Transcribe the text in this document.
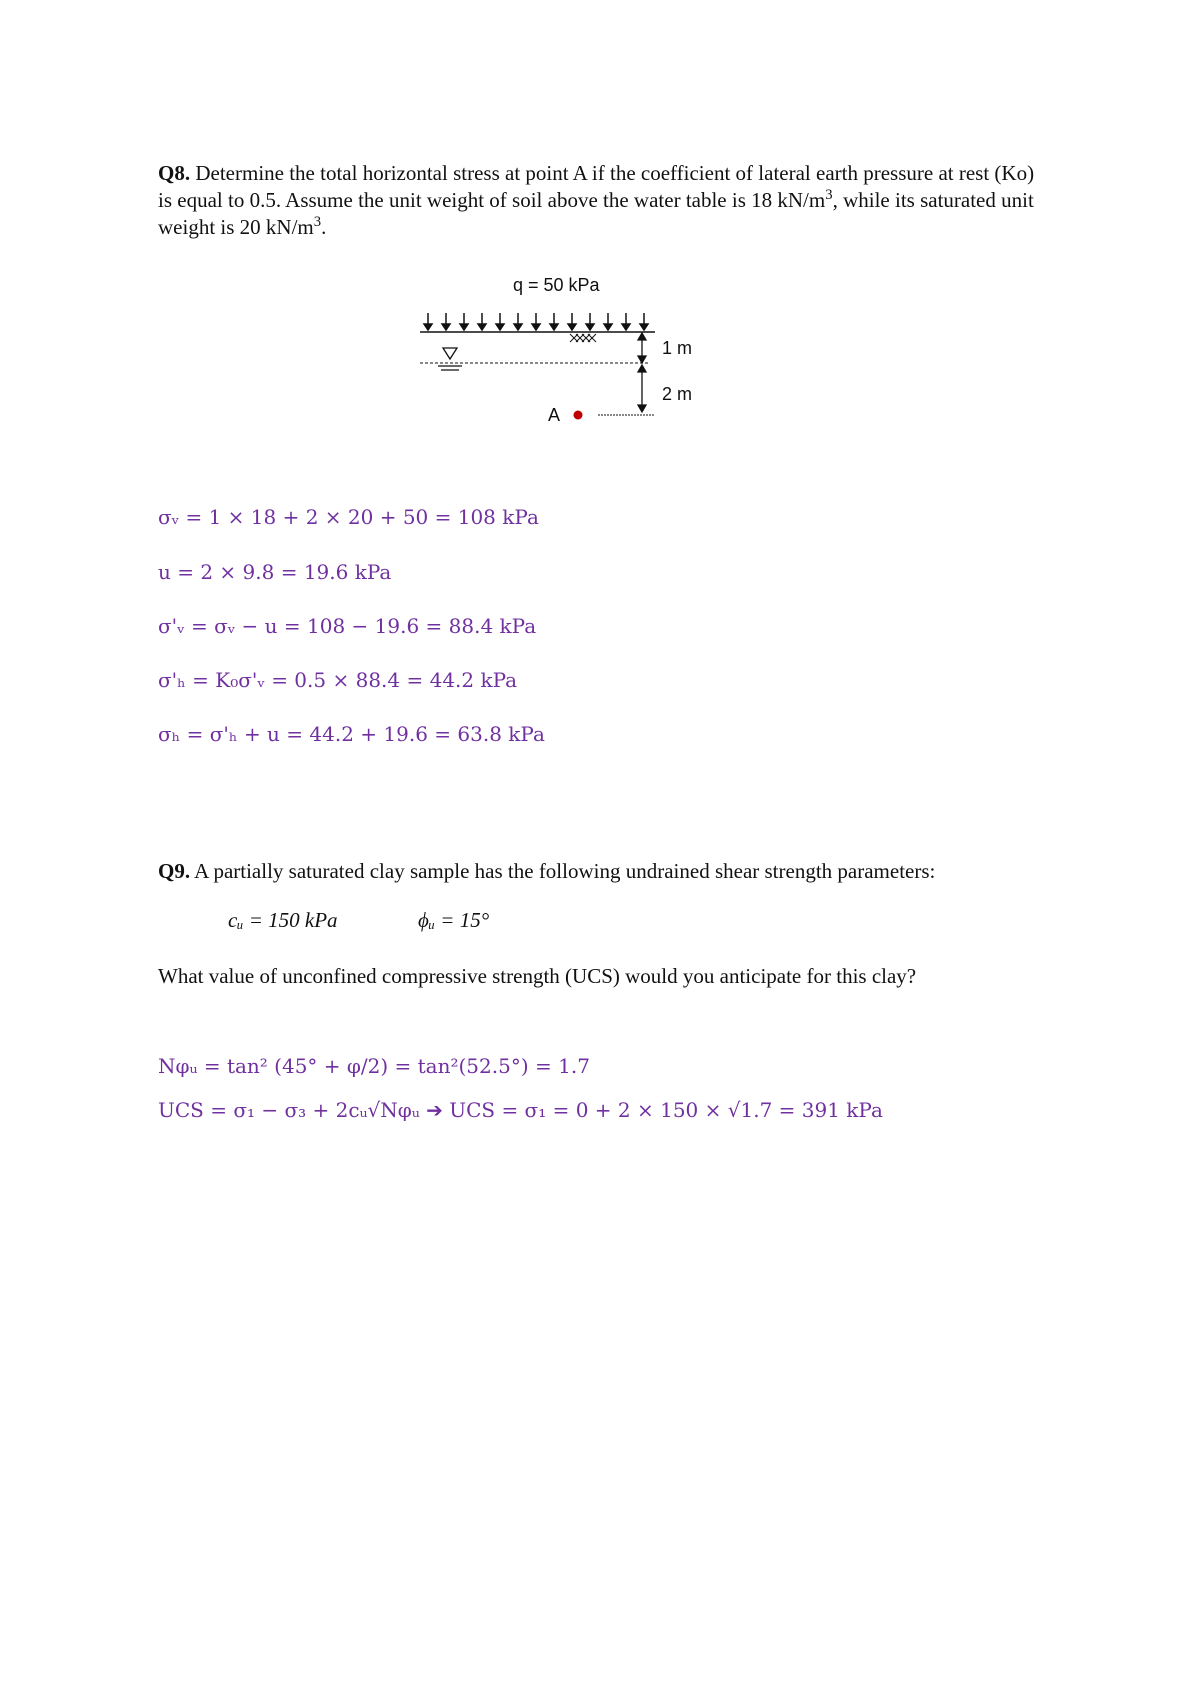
Q8. Determine the total horizontal stress at point A if the coefficient of lateral earth pressure at rest (Ko) is equal to 0.5. Assume the unit weight of soil above the water table is 18 $kN/m^3$, while its saturated unit weight is 20 $kN/m^3$.
q = 50 kPa
1 m
2 m
A
σᵥ = 1 × 18 + 2 × 20 + 50 = 108 kPa
u = 2 × 9.8 = 19.6 kPa
σ'ᵥ = σᵥ − u = 108 − 19.6 = 88.4 kPa
σ'ₕ = K₀σ'ᵥ = 0.5 × 88.4 = 44.2 kPa
σₕ = σ'ₕ + u = 44.2 + 19.6 = 63.8 kPa
Q9. A partially saturated clay sample has the following undrained shear strength parameters:
cᵤ = 150 kPa	ϕᵤ = 15°
What value of unconfined compressive strength (UCS) would you anticipate for this clay?
Nφᵤ = tan² (45° + φ/2) = tan²(52.5°) = 1.7
UCS = σ₁ − σ₃ + 2cᵤ√Nφᵤ ➔ UCS = σ₁ = 0 + 2 × 150 × √1.7 = 391 kPa
